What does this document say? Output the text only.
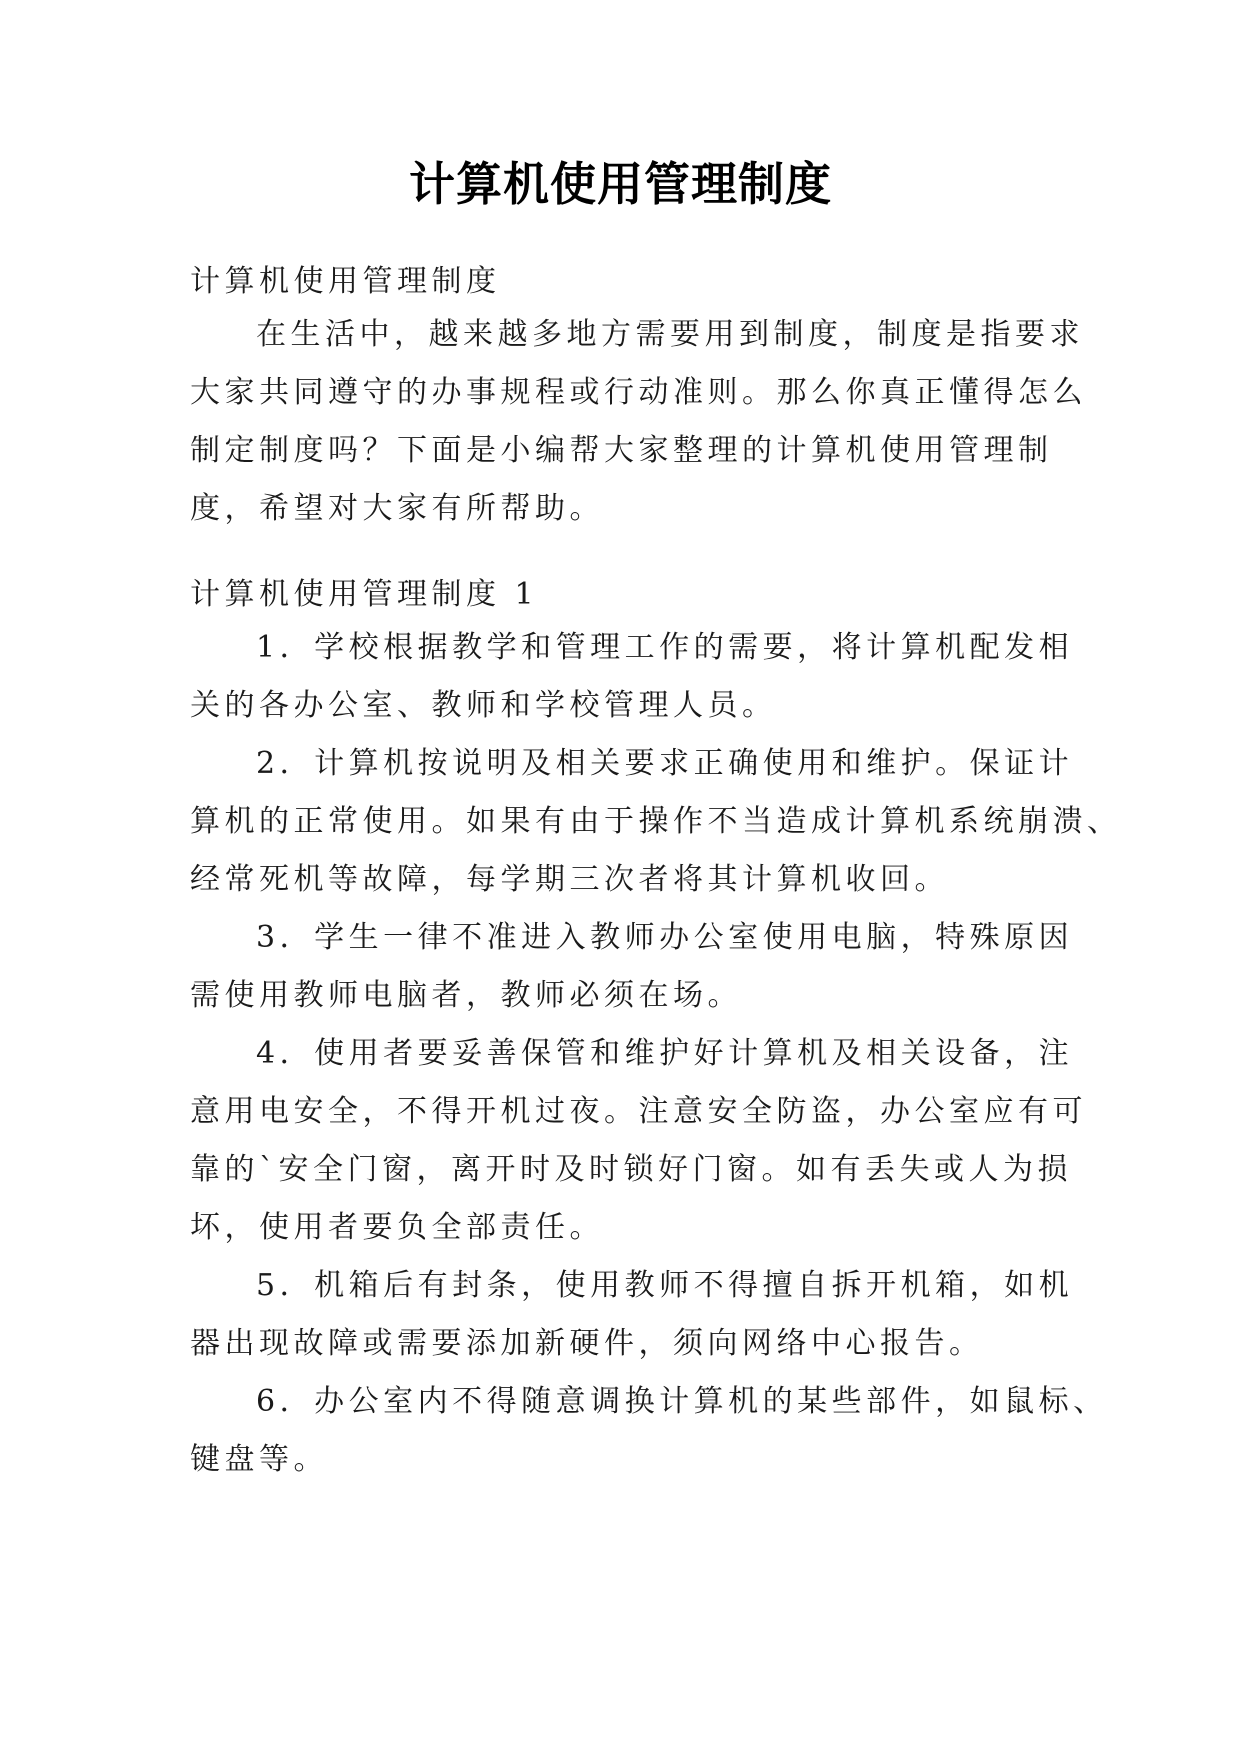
计算机使用管理制度
计算机使用管理制度
在生活中，越来越多地方需要用到制度，制度是指要求
大家共同遵守的办事规程或行动准则。那么你真正懂得怎么
制定制度吗？下面是小编帮大家整理的计算机使用管理制
度，希望对大家有所帮助。
计算机使用管理制度 1
1．学校根据教学和管理工作的需要，将计算机配发相
关的各办公室、教师和学校管理人员。
2．计算机按说明及相关要求正确使用和维护。保证计
算机的正常使用。如果有由于操作不当造成计算机系统崩溃、
经常死机等故障，每学期三次者将其计算机收回。
3．学生一律不准进入教师办公室使用电脑，特殊原因
需使用教师电脑者，教师必须在场。
4．使用者要妥善保管和维护好计算机及相关设备，注
意用电安全，不得开机过夜。注意安全防盗，办公室应有可
靠的`安全门窗，离开时及时锁好门窗。如有丢失或人为损
坏，使用者要负全部责任。
5．机箱后有封条，使用教师不得擅自拆开机箱，如机
器出现故障或需要添加新硬件，须向网络中心报告。
6．办公室内不得随意调换计算机的某些部件，如鼠标、
键盘等。
